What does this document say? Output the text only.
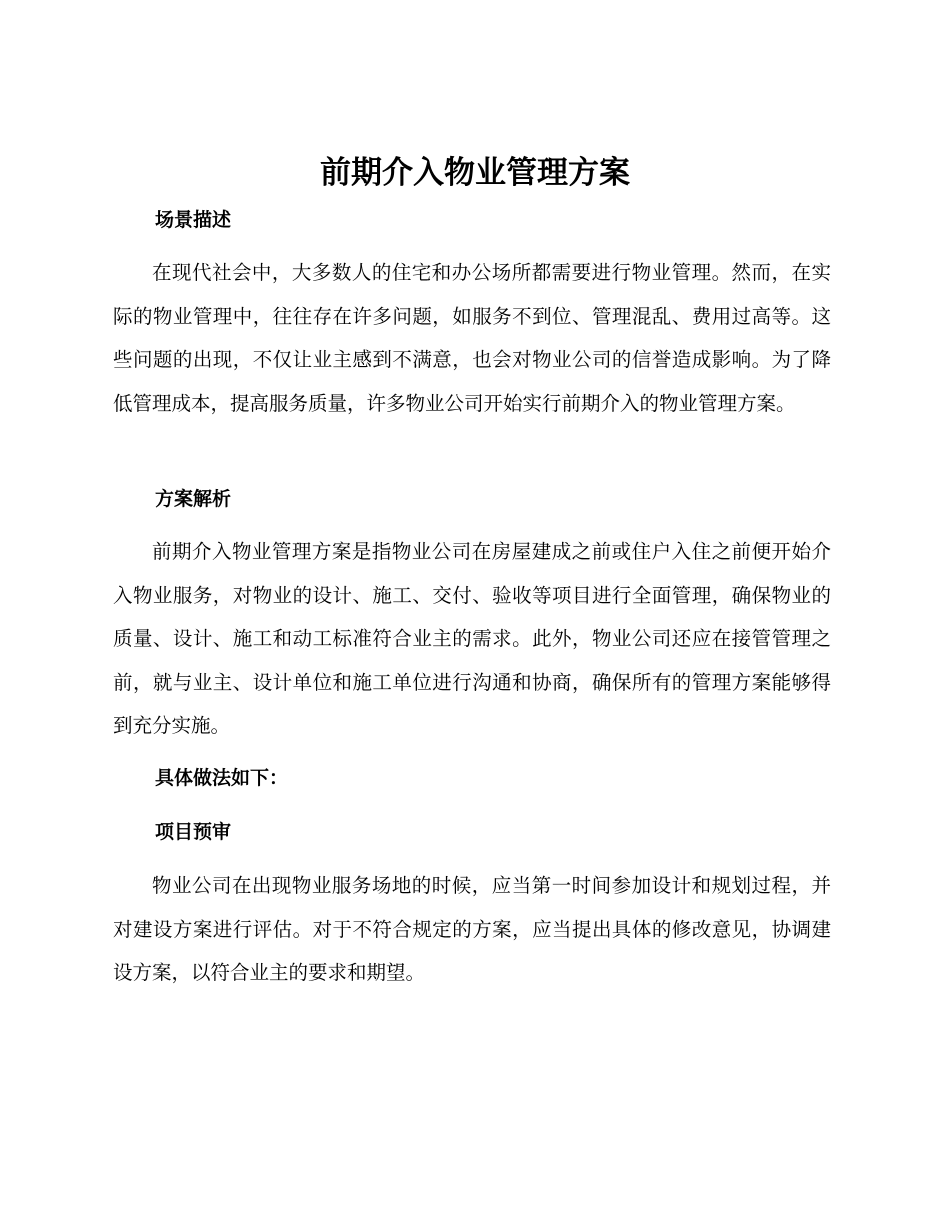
前期介入物业管理方案
场景描述

在现代社会中，大多数人的住宅和办公场所都需要进行物业管理。然而，在实际的物业管理中，往往存在许多问题，如服务不到位、管理混乱、费用过高等。这些问题的出现，不仅让业主感到不满意，也会对物业公司的信誉造成影响。为了降低管理成本，提高服务质量，许多物业公司开始实行前期介入的物业管理方案。

方案解析

前期介入物业管理方案是指物业公司在房屋建成之前或住户入住之前便开始介入物业服务，对物业的设计、施工、交付、验收等项目进行全面管理，确保物业的质量、设计、施工和动工标准符合业主的需求。此外，物业公司还应在接管管理之前，就与业主、设计单位和施工单位进行沟通和协商，确保所有的管理方案能够得到充分实施。

具体做法如下：
项目预审

物业公司在出现物业服务场地的时候，应当第一时间参加设计和规划过程，并对建设方案进行评估。对于不符合规定的方案，应当提出具体的修改意见，协调建设方案，以符合业主的要求和期望。
